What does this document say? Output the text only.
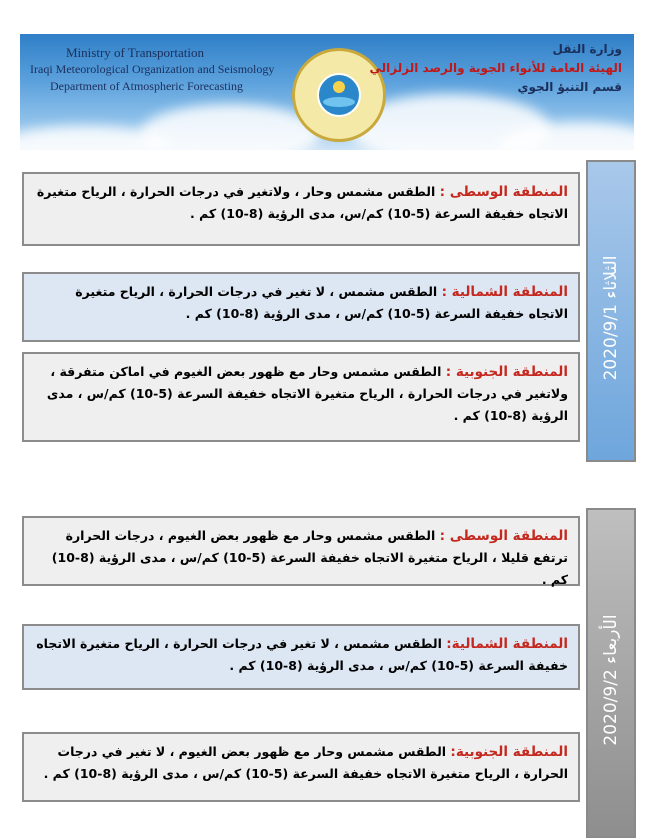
Ministry of Transportation
Iraqi Meteorological Organization and Seismology
Department of Atmospheric Forecasting
وزارة النقل
الهيئة العامة للأنواء الجوية والرصد الزلزالي
قسم التنبؤ الجوي
المنطقة الوسطى : الطقس مشمس وحار ، ولاتغير في درجات الحرارة ، الرياح متغيرة الاتجاه خفيفة السرعة (5-10) كم/س، مدى الرؤية (8-10) كم .
المنطقة الشمالية : الطقس مشمس ، لا تغير في درجات الحرارة ، الرياح متغيرة الاتجاه خفيفة السرعة (5-10) كم/س ، مدى الرؤية (8-10) كم .
المنطقة الجنوبية : الطقس مشمس وحار مع ظهور بعض الغيوم في اماكن متفرقة ، ولاتغير في درجات الحرارة ، الرياح متغيرة الاتجاه خفيفة السرعة (5-10) كم/س ، مدى الرؤية (8-10) كم .
2020/9/1 الثلاثاء
المنطقة الوسطى : الطقس مشمس وحار مع ظهور بعض الغيوم ، درجات الحرارة ترتفع قليلا ، الرياح متغيرة الاتجاه خفيفة السرعة (5-10) كم/س ، مدى الرؤية (8-10) كم .
المنطقة الشمالية: الطقس مشمس ، لا تغير في درجات الحرارة ، الرياح متغيرة الاتجاه خفيفة السرعة (5-10) كم/س ، مدى الرؤية (8-10) كم .
المنطقة الجنوبية: الطقس مشمس وحار مع ظهور بعض الغيوم ، لا تغير في درجات الحرارة ، الرياح متغيرة الاتجاه خفيفة السرعة (5-10) كم/س ، مدى الرؤية (8-10) كم .
2020/9/2 الأربعاء
